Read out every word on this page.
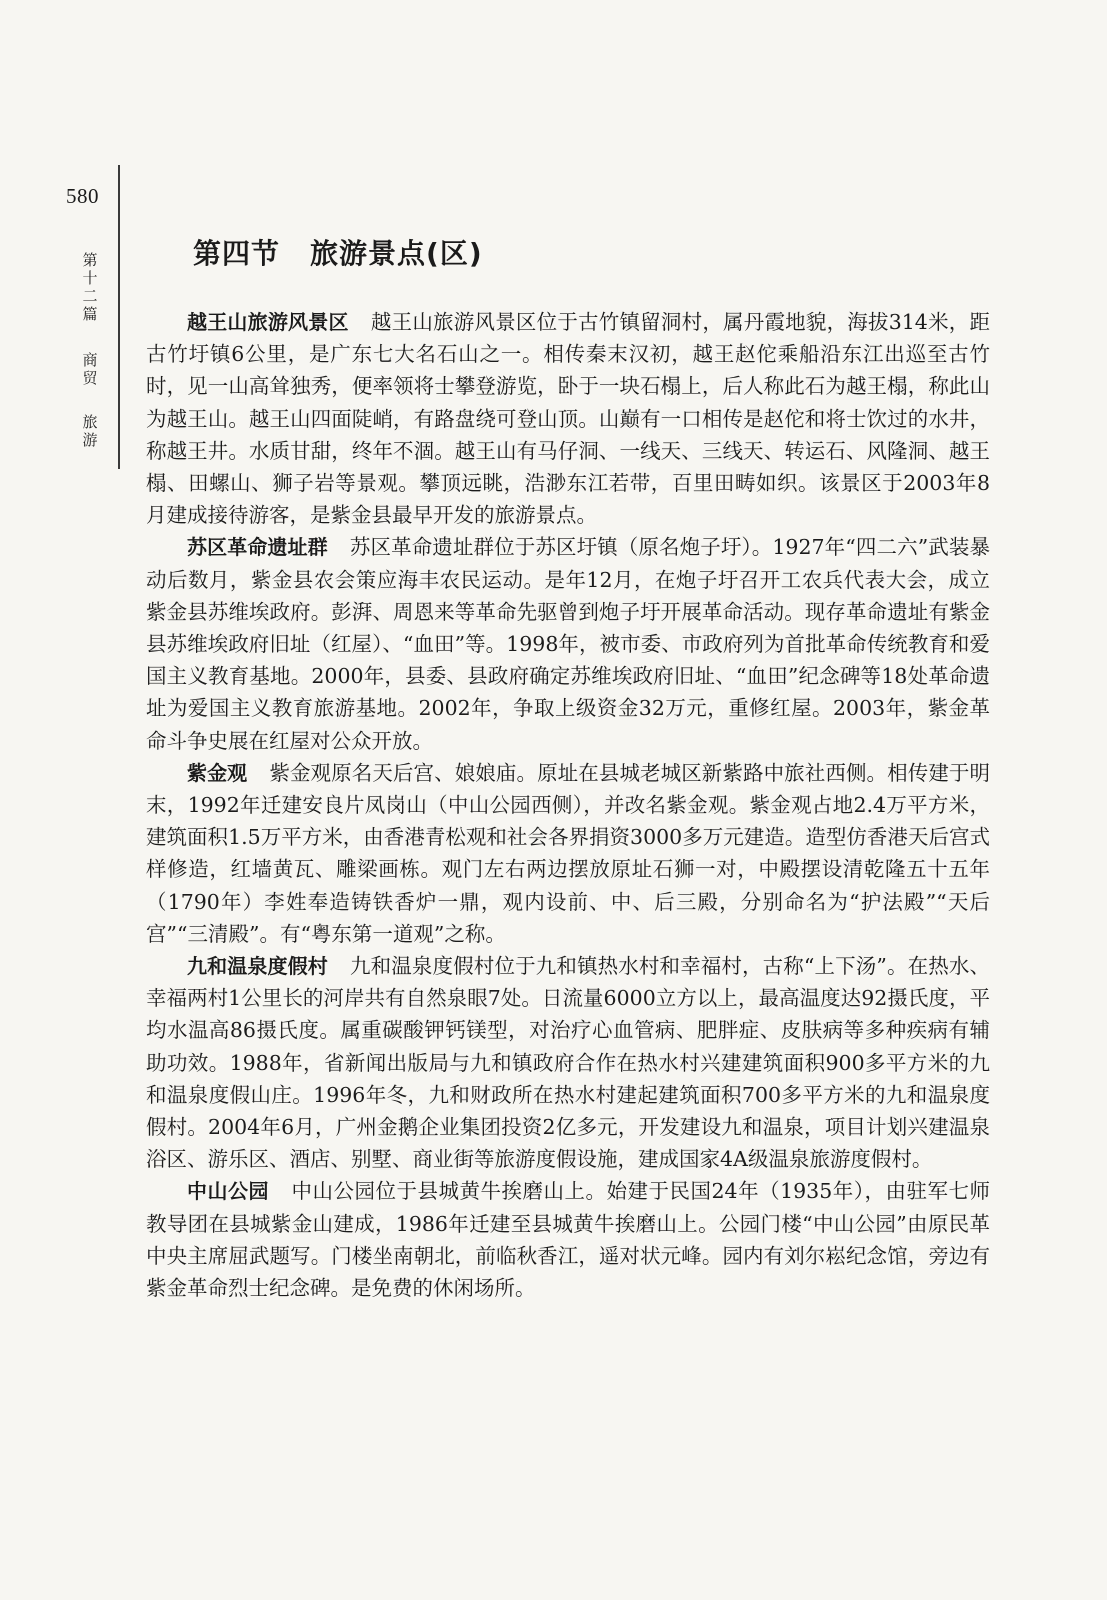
580
第
十
二
篇
商
贸
旅
游
第四节 旅游景点(区)

越王山旅游风景区 越王山旅游风景区位于古竹镇留洞村，属丹霞地貌，海拔314米，距古竹圩镇6公里，是广东七大名石山之一。相传秦末汉初，越王赵佗乘船沿东江出巡至古竹时，见一山高耸独秀，便率领将士攀登游览，卧于一块石榻上，后人称此石为越王榻，称此山为越王山。越王山四面陡峭，有路盘绕可登山顶。山巅有一口相传是赵佗和将士饮过的水井，称越王井。水质甘甜，终年不涸。越王山有马仔洞、一线天、三线天、转运石、风隆洞、越王榻、田螺山、狮子岩等景观。攀顶远眺，浩渺东江若带，百里田畴如织。该景区于2003年8月建成接待游客，是紫金县最早开发的旅游景点。

苏区革命遗址群 苏区革命遗址群位于苏区圩镇（原名炮子圩）。1927年“四二六”武装暴动后数月，紫金县农会策应海丰农民运动。是年12月，在炮子圩召开工农兵代表大会，成立紫金县苏维埃政府。彭湃、周恩来等革命先驱曾到炮子圩开展革命活动。现存革命遗址有紫金县苏维埃政府旧址（红屋）、“血田”等。1998年，被市委、市政府列为首批革命传统教育和爱国主义教育基地。2000年，县委、县政府确定苏维埃政府旧址、“血田”纪念碑等18处革命遗址为爱国主义教育旅游基地。2002年，争取上级资金32万元，重修红屋。2003年，紫金革命斗争史展在红屋对公众开放。

紫金观 紫金观原名天后宫、娘娘庙。原址在县城老城区新紫路中旅社西侧。相传建于明末，1992年迁建安良片凤岗山（中山公园西侧），并改名紫金观。紫金观占地2.4万平方米，建筑面积1.5万平方米，由香港青松观和社会各界捐资3000多万元建造。造型仿香港天后宫式样修造，红墙黄瓦、雕梁画栋。观门左右两边摆放原址石狮一对，中殿摆设清乾隆五十五年（1790年）李姓奉造铸铁香炉一鼎，观内设前、中、后三殿，分别命名为“护法殿”“天后宫”“三清殿”。有“粤东第一道观”之称。

九和温泉度假村 九和温泉度假村位于九和镇热水村和幸福村，古称“上下汤”。在热水、幸福两村1公里长的河岸共有自然泉眼7处。日流量6000立方以上，最高温度达92摄氏度，平均水温高86摄氏度。属重碳酸钾钙镁型，对治疗心血管病、肥胖症、皮肤病等多种疾病有辅助功效。1988年，省新闻出版局与九和镇政府合作在热水村兴建建筑面积900多平方米的九和温泉度假山庄。1996年冬，九和财政所在热水村建起建筑面积700多平方米的九和温泉度假村。2004年6月，广州金鹅企业集团投资2亿多元，开发建设九和温泉，项目计划兴建温泉浴区、游乐区、酒店、别墅、商业街等旅游度假设施，建成国家4A级温泉旅游度假村。

中山公园 中山公园位于县城黄牛挨磨山上。始建于民国24年（1935年），由驻军七师教导团在县城紫金山建成，1986年迁建至县城黄牛挨磨山上。公园门楼“中山公园”由原民革中央主席屈武题写。门楼坐南朝北，前临秋香江，遥对状元峰。园内有刘尔崧纪念馆，旁边有紫金革命烈士纪念碑。是免费的休闲场所。
